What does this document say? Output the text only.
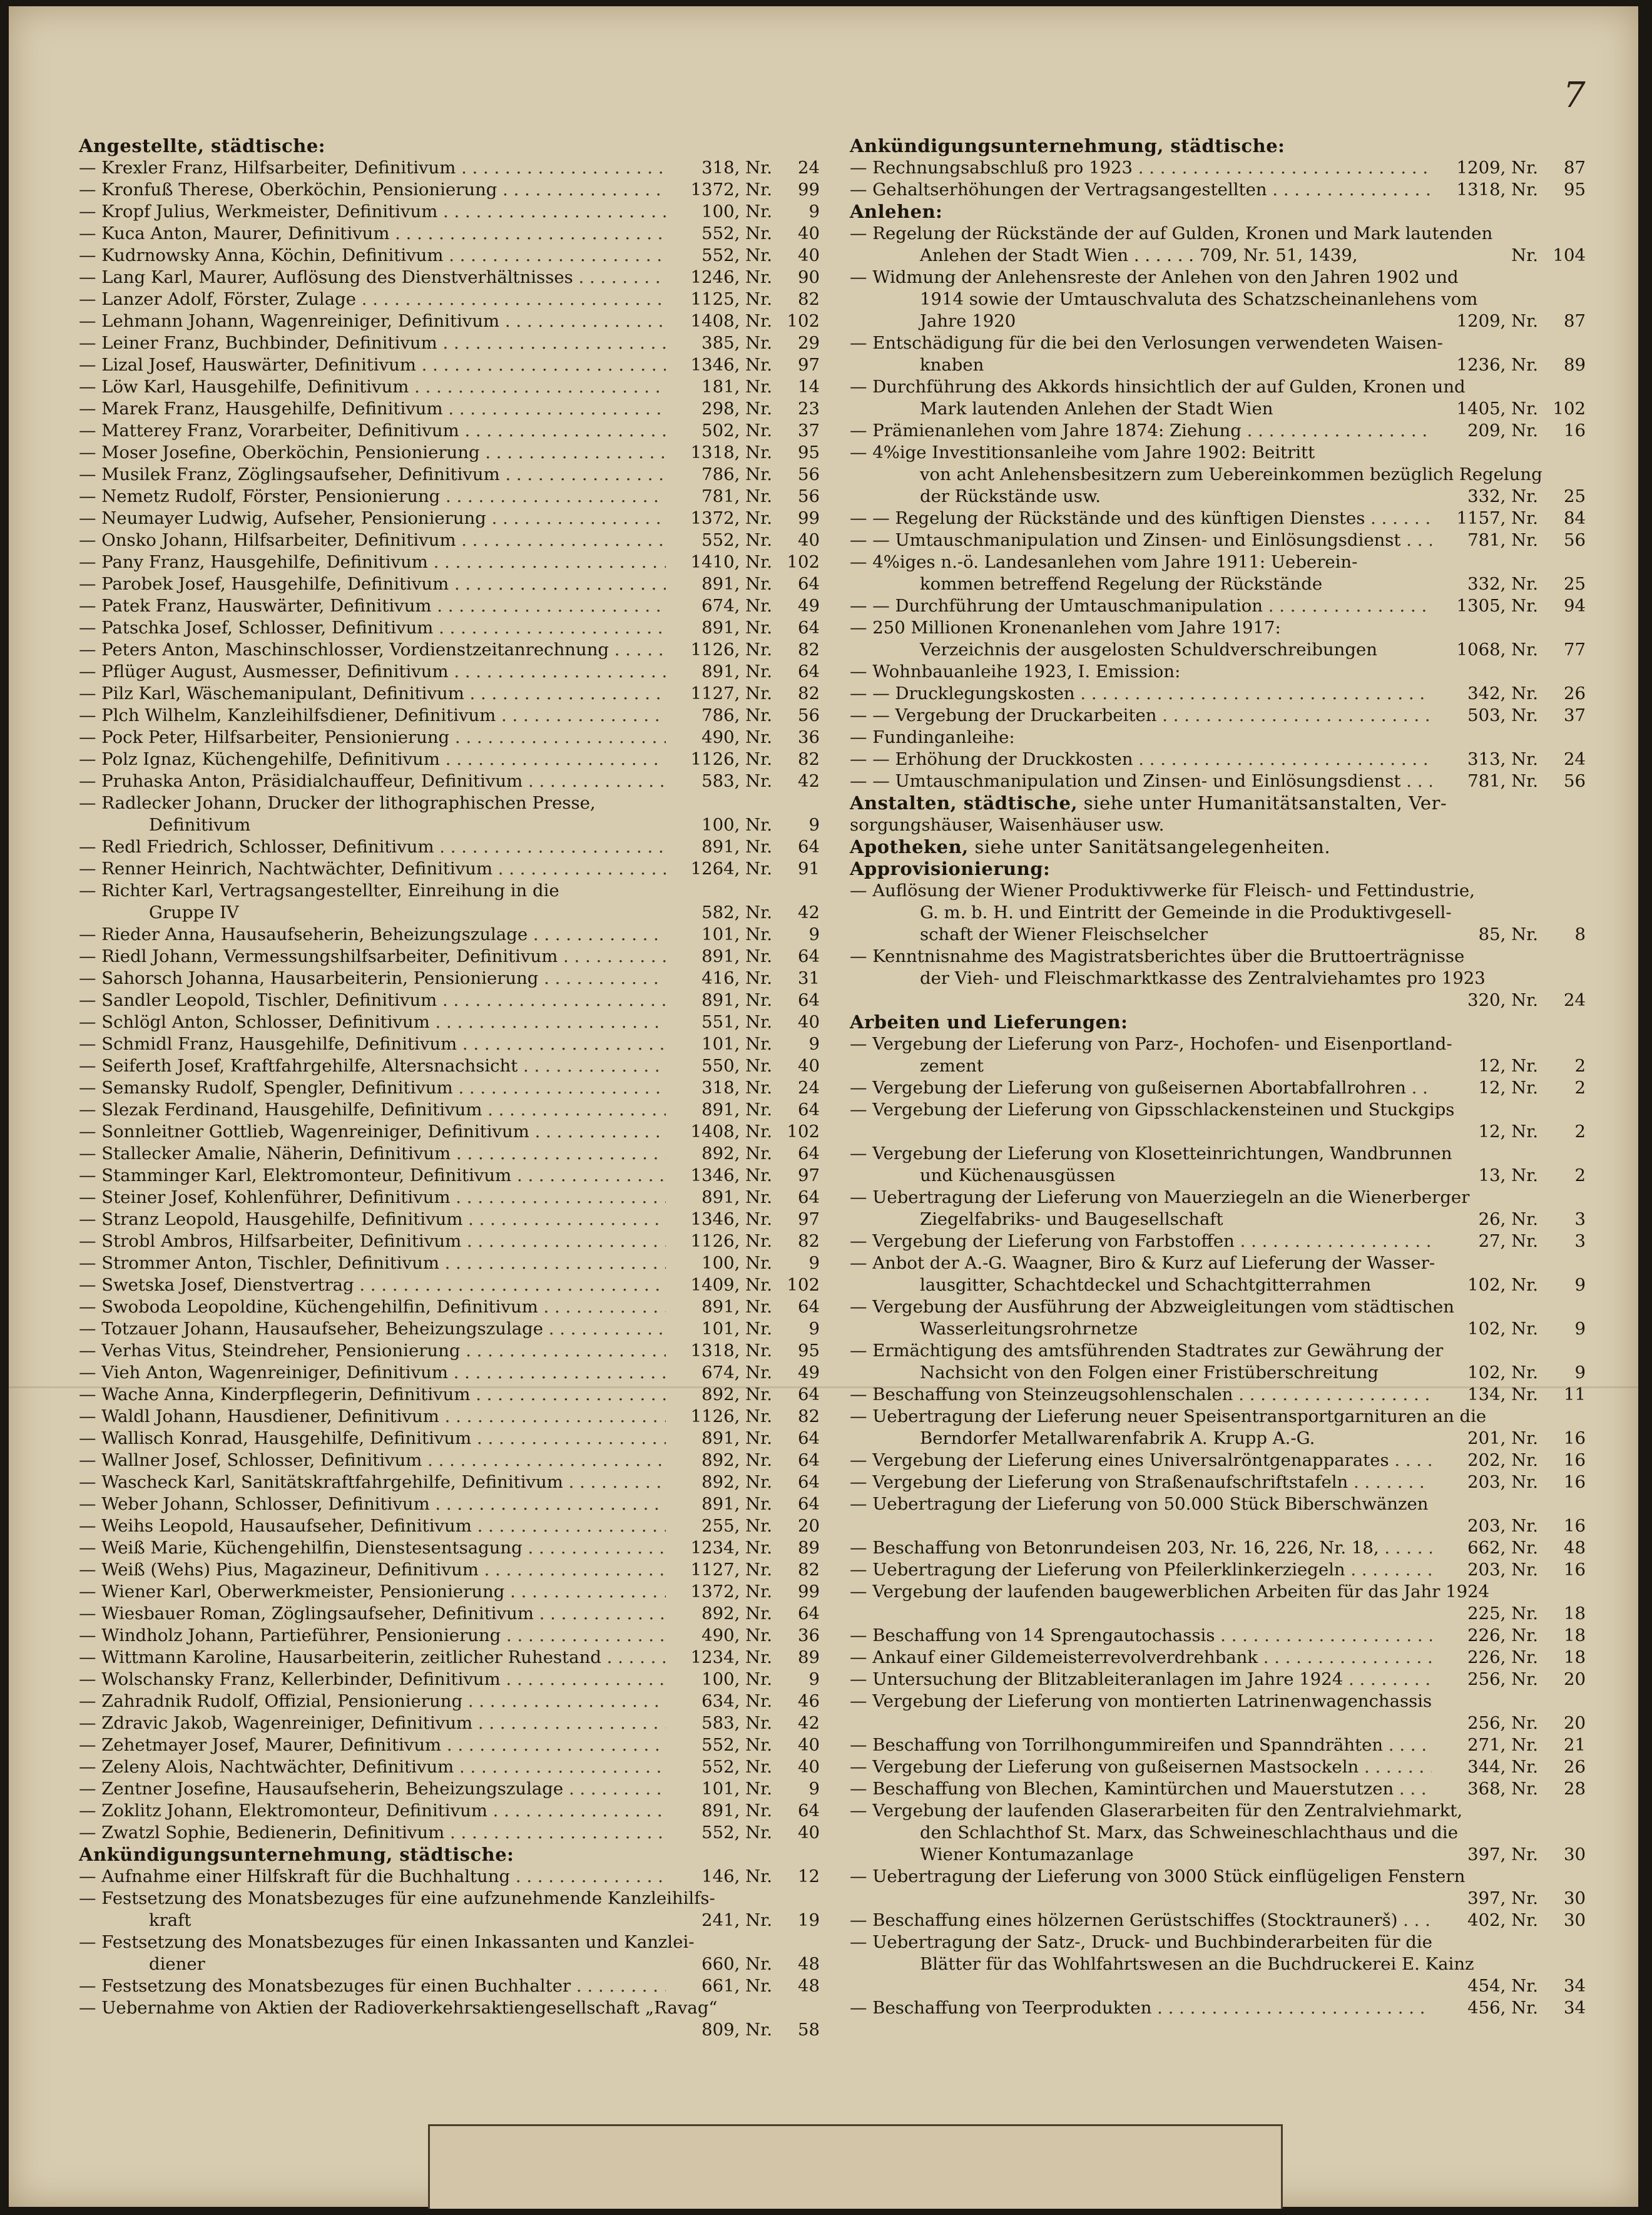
7
Angestellte, städtische:
— Krexler Franz, Hilfsarbeiter, Definitivum . . .	318, Nr.	24
— Kronfuß Therese, Oberköchin, Pensionierung . . .	1372, Nr.	99
— Kropf Julius, Werkmeister, Definitivum . . .	100, Nr.	9
— Kuca Anton, Maurer, Definitivum . . .	552, Nr.	40
— Kudrnowsky Anna, Köchin, Definitivum . . .	552, Nr.	40
— Lang Karl, Maurer, Auflösung des Dienstverhältnisses . . .	1246, Nr.	90
— Lanzer Adolf, Förster, Zulage . . .	1125, Nr.	82
— Lehmann Johann, Wagenreiniger, Definitivum . . .	1408, Nr. 102
— Leiner Franz, Buchbinder, Definitivum . . .	385, Nr.	29
— Lizal Josef, Hauswärter, Definitivum . . .	1346, Nr.	97
— Löw Karl, Hausgehilfe, Definitivum . . .	181, Nr.	14
— Marek Franz, Hausgehilfe, Definitivum . . .	298, Nr.	23
— Matterey Franz, Vorarbeiter, Definitivum . . .	502, Nr.	37
— Moser Josefine, Oberköchin, Pensionierung . . .	1318, Nr.	95
— Musilek Franz, Zöglingsaufseher, Definitivum . . .	786, Nr.	56
— Nemetz Rudolf, Förster, Pensionierung . . .	781, Nr.	56
— Neumayer Ludwig, Aufseher, Pensionierung . . .	1372, Nr.	99
— Onsko Johann, Hilfsarbeiter, Definitivum . . .	552, Nr.	40
— Pany Franz, Hausgehilfe, Definitivum . . .	1410, Nr. 102
— Parobek Josef, Hausgehilfe, Definitivum . . .	891, Nr.	64
— Patek Franz, Hauswärter, Definitivum . . .	674, Nr.	49
— Patschka Josef, Schlosser, Definitivum . . .	891, Nr.	64
— Peters Anton, Maschinschlosser, Vordienstzeitanrechnung . . .	1126, Nr.	82
— Pflüger August, Ausmesser, Definitivum . . .	891, Nr.	64
— Pilz Karl, Wäschemanipulant, Definitivum . . .	1127, Nr.	82
— Plch Wilhelm, Kanzleihilfsdiener, Definitivum . . .	786, Nr.	56
— Pock Peter, Hilfsarbeiter, Pensionierung . . .	490, Nr.	36
— Polz Ignaz, Küchengehilfe, Definitivum . . .	1126, Nr.	82
— Pruhaska Anton, Präsidialchauffeur, Definitivum . . .	583, Nr.	42
— Radlecker Johann, Drucker der lithographischen Presse,
Definitivum	100, Nr.	9
— Redl Friedrich, Schlosser, Definitivum . . .	891, Nr.	64
— Renner Heinrich, Nachtwächter, Definitivum . . .	1264, Nr.	91
— Richter Karl, Vertragsangestellter, Einreihung in die
Gruppe IV	582, Nr.	42
— Rieder Anna, Hausaufseherin, Beheizungszulage . . .	101, Nr.	9
— Riedl Johann, Vermessungshilfsarbeiter, Definitivum . . .	891, Nr.	64
— Sahorsch Johanna, Hausarbeiterin, Pensionierung . . .	416, Nr.	31
— Sandler Leopold, Tischler, Definitivum . . .	891, Nr.	64
— Schlögl Anton, Schlosser, Definitivum . . .	551, Nr.	40
— Schmidl Franz, Hausgehilfe, Definitivum . . .	101, Nr.	9
— Seiferth Josef, Kraftfahrgehilfe, Altersnachsicht . . .	550, Nr.	40
— Semansky Rudolf, Spengler, Definitivum . . .	318, Nr.	24
— Slezak Ferdinand, Hausgehilfe, Definitivum . . .	891, Nr.	64
— Sonnleitner Gottlieb, Wagenreiniger, Definitivum . . .	1408, Nr. 102
— Stallecker Amalie, Näherin, Definitivum . . .	892, Nr.	64
— Stamminger Karl, Elektromonteur, Definitivum . . .	1346, Nr.	97
— Steiner Josef, Kohlenführer, Definitivum . . .	891, Nr.	64
— Stranz Leopold, Hausgehilfe, Definitivum . . .	1346, Nr.	97
— Strobl Ambros, Hilfsarbeiter, Definitivum . . .	1126, Nr.	82
— Strommer Anton, Tischler, Definitivum . . .	100, Nr.	9
— Swetska Josef, Dienstvertrag . . .	1409, Nr. 102
— Swoboda Leopoldine, Küchengehilfin, Definitivum . . .	891, Nr.	64
— Totzauer Johann, Hausaufseher, Beheizungszulage . . .	101, Nr.	9
— Verhas Vitus, Steindreher, Pensionierung . . .	1318, Nr.	95
— Vieh Anton, Wagenreiniger, Definitivum . . .	674, Nr.	49
— Wache Anna, Kinderpflegerin, Definitivum . . .	892, Nr.	64
— Waldl Johann, Hausdiener, Definitivum . . .	1126, Nr.	82
— Wallisch Konrad, Hausgehilfe, Definitivum . . .	891, Nr.	64
— Wallner Josef, Schlosser, Definitivum . . .	892, Nr.	64
— Wascheck Karl, Sanitätskraftfahrgehilfe, Definitivum . . .	892, Nr.	64
— Weber Johann, Schlosser, Definitivum . . .	891, Nr.	64
— Weihs Leopold, Hausaufseher, Definitivum . . .	255, Nr.	20
— Weiß Marie, Küchengehilfin, Dienstesentsagung . . .	1234, Nr.	89
— Weiß (Wehs) Pius, Magazineur, Definitivum . . .	1127, Nr.	82
— Wiener Karl, Oberwerkmeister, Pensionierung . . .	1372, Nr.	99
— Wiesbauer Roman, Zöglingsaufseher, Definitivum . . .	892, Nr.	64
— Windholz Johann, Partieführer, Pensionierung . . .	490, Nr.	36
— Wittmann Karoline, Hausarbeiterin, zeitlicher Ruhestand . . .	1234, Nr.	89
— Wolschansky Franz, Kellerbinder, Definitivum . . .	100, Nr.	9
— Zahradnik Rudolf, Offizial, Pensionierung . . .	634, Nr.	46
— Zdravic Jakob, Wagenreiniger, Definitivum . . .	583, Nr.	42
— Zehetmayer Josef, Maurer, Definitivum . . .	552, Nr.	40
— Zeleny Alois, Nachtwächter, Definitivum . . .	552, Nr.	40
— Zentner Josefine, Hausaufseherin, Beheizungszulage . . .	101, Nr.	9
— Zoklitz Johann, Elektromonteur, Definitivum . . .	891, Nr.	64
— Zwatzl Sophie, Bedienerin, Definitivum . . .	552, Nr.	40
Ankündigungsunternehmung, städtische:
— Aufnahme einer Hilfskraft für die Buchhaltung . . .	146, Nr.	12
— Festsetzung des Monatsbezuges für eine aufzunehmende Kanzleihilfs-
kraft	241, Nr.	19
— Festsetzung des Monatsbezuges für einen Inkassanten und Kanzlei-
diener	660, Nr.	48
— Festsetzung des Monatsbezuges für einen Buchhalter . . .	661, Nr.	48
— Uebernahme von Aktien der Radioverkehrsaktiengesellschaft „Ravag“
809, Nr.	58
Ankündigungsunternehmung, städtische:
— Rechnungsabschluß pro 1923 . . .	1209, Nr.	87
— Gehaltserhöhungen der Vertragsangestellten . . .	1318, Nr.	95
Anlehen:
— Regelung der Rückstände der auf Gulden, Kronen und Mark lautenden
Anlehen der Stadt Wien . . . . . . 709, Nr. 51, 1439,	Nr. 104
— Widmung der Anlehensreste der Anlehen von den Jahren 1902 und
1914 sowie der Umtauschvaluta des Schatzscheinanlehens vom
Jahre 1920	1209, Nr.	87
— Entschädigung für die bei den Verlosungen verwendeten Waisen-
knaben	1236, Nr.	89
— Durchführung des Akkords hinsichtlich der auf Gulden, Kronen und
Mark lautenden Anlehen der Stadt Wien	1405, Nr. 102
— Prämienanlehen vom Jahre 1874: Ziehung . . .	209, Nr.	16
— 4%ige Investitionsanleihe vom Jahre 1902: Beitritt
von acht Anlehensbesitzern zum Uebereinkommen bezüglich Regelung
der Rückstände usw.	332, Nr.	25
— — Regelung der Rückstände und des künftigen Dienstes . . .	1157, Nr.	84
— — Umtauschmanipulation und Zinsen- und Einlösungsdienst . . .	781, Nr.	56
— 4%iges n.-ö. Landesanlehen vom Jahre 1911: Ueberein-
kommen betreffend Regelung der Rückstände	332, Nr.	25
— — Durchführung der Umtauschmanipulation . . .	1305, Nr.	94
— 250 Millionen Kronenanlehen vom Jahre 1917:
Verzeichnis der ausgelosten Schuldverschreibungen	1068, Nr.	77
— Wohnbauanleihe 1923, I. Emission:
— — Drucklegungskosten . . .	342, Nr.	26
— — Vergebung der Druckarbeiten . . .	503, Nr.	37
— Fundinganleihe:
— — Erhöhung der Druckkosten . . .	313, Nr.	24
— — Umtauschmanipulation und Zinsen- und Einlösungsdienst . . .	781, Nr.	56
Anstalten, städtische, siehe unter Humanitätsanstalten, Ver-
sorgungshäuser, Waisenhäuser usw.
Apotheken, siehe unter Sanitätsangelegenheiten.
Approvisionierung:
— Auflösung der Wiener Produktivwerke für Fleisch- und Fettindustrie,
G. m. b. H. und Eintritt der Gemeinde in die Produktivgesell-
schaft der Wiener Fleischselcher	85, Nr.	8
— Kenntnisnahme des Magistratsberichtes über die Bruttoerträgnisse
der Vieh- und Fleischmarktkasse des Zentralviehamtes pro 1923
320, Nr.	24
Arbeiten und Lieferungen:
— Vergebung der Lieferung von Parz-, Hochofen- und Eisenportland-
zement	12, Nr.	2
— Vergebung der Lieferung von gußeisernen Abortabfallrohren . . .	12, Nr.	2
— Vergebung der Lieferung von Gipsschlackensteinen und Stuckgips
12, Nr.	2
— Vergebung der Lieferung von Klosetteinrichtungen, Wandbrunnen
und Küchenausgüssen	13, Nr.	2
— Uebertragung der Lieferung von Mauerziegeln an die Wienerberger
Ziegelfabriks- und Baugesellschaft	26, Nr.	3
— Vergebung der Lieferung von Farbstoffen . . .	27, Nr.	3
— Anbot der A.-G. Waagner, Biro & Kurz auf Lieferung der Wasser-
lausgitter, Schachtdeckel und Schachtgitterrahmen	102, Nr.	9
— Vergebung der Ausführung der Abzweigleitungen vom städtischen
Wasserleitungsrohrnetze	102, Nr.	9
— Ermächtigung des amtsführenden Stadtrates zur Gewährung der
Nachsicht von den Folgen einer Fristüberschreitung	102, Nr.	9
— Beschaffung von Steinzeugsohlenschalen . . .	134, Nr.	11
— Uebertragung der Lieferung neuer Speisentransportgarnituren an die
Berndorfer Metallwarenfabrik A. Krupp A.-G.	201, Nr.	16
— Vergebung der Lieferung eines Universalröntgenapparates . . .	202, Nr.	16
— Vergebung der Lieferung von Straßenaufschriftstafeln . . .	203, Nr.	16
— Uebertragung der Lieferung von 50.000 Stück Biberschwänzen
203, Nr.	16
— Beschaffung von Betonrundeisen 203, Nr. 16, 226, Nr. 18, . . .	662, Nr.	48
— Uebertragung der Lieferung von Pfeilerklinkerziegeln . . .	203, Nr.	16
— Vergebung der laufenden baugewerblichen Arbeiten für das Jahr 1924
225, Nr.	18
— Beschaffung von 14 Sprengautochassis . . .	226, Nr.	18
— Ankauf einer Gildemeisterrevolverdrehbank . . .	226, Nr.	18
— Untersuchung der Blitzableiteranlagen im Jahre 1924 . . .	256, Nr.	20
— Vergebung der Lieferung von montierten Latrinenwagenchassis
256, Nr.	20
— Beschaffung von Torrilhongummireifen und Spanndrähten . . .	271, Nr.	21
— Vergebung der Lieferung von gußeisernen Mastsockeln . . .	344, Nr.	26
— Beschaffung von Blechen, Kamintürchen und Mauerstutzen . . .	368, Nr.	28
— Vergebung der laufenden Glaserarbeiten für den Zentralviehmarkt,
den Schlachthof St. Marx, das Schweineschlachthaus und die
Wiener Kontumazanlage	397, Nr.	30
— Uebertragung der Lieferung von 3000 Stück einflügeligen Fenstern
397, Nr.	30
— Beschaffung eines hölzernen Gerüstschiffes (Stocktraunerš) . . .	402, Nr.	30
— Uebertragung der Satz-, Druck- und Buchbinderarbeiten für die
Blätter für das Wohlfahrtswesen an die Buchdruckerei E. Kainz
454, Nr.	34
— Beschaffung von Teerprodukten . . .	456, Nr.	34
